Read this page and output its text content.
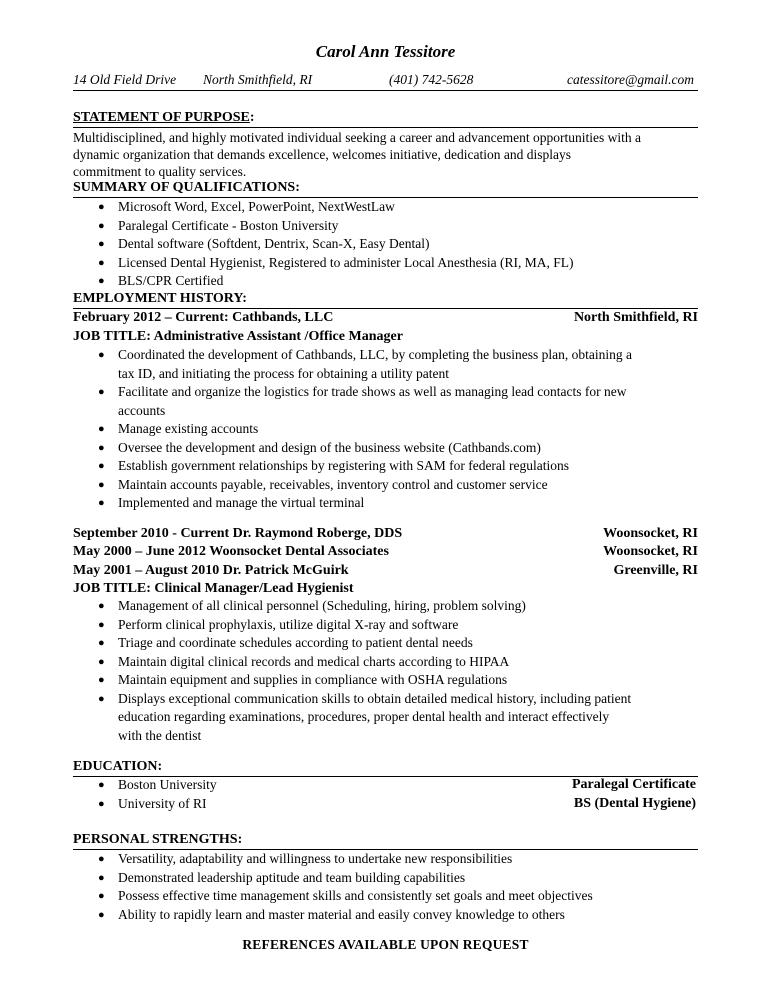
Carol Ann Tessitore
14 Old Field Drive North Smithfield, RI	(401) 742-5628	catessitore@gmail.com
STATEMENT OF PURPOSE:
Multidisciplined, and highly motivated individual seeking a career and advancement opportunities with a
dynamic organization that demands excellence, welcomes initiative, dedication and displays
commitment to quality services.
SUMMARY OF QUALIFICATIONS:
● Microsoft Word, Excel, PowerPoint, NextWestLaw
● Paralegal Certificate - Boston University
● Dental software (Softdent, Dentrix, Scan-X, Easy Dental)
● Licensed Dental Hygienist, Registered to administer Local Anesthesia (RI, MA, FL)
● BLS/CPR Certified
EMPLOYMENT HISTORY:
February 2012 – Current: Cathbands, LLC	North Smithfield, RI
JOB TITLE: Administrative Assistant /Office Manager
● Coordinated the development of Cathbands, LLC, by completing the business plan, obtaining a
tax ID, and initiating the process for obtaining a utility patent
● Facilitate and organize the logistics for trade shows as well as managing lead contacts for new
accounts
● Manage existing accounts
● Oversee the development and design of the business website (Cathbands.com)
● Establish government relationships by registering with SAM for federal regulations
● Maintain accounts payable, receivables, inventory control and customer service
● Implemented and manage the virtual terminal
September 2010 - Current Dr. Raymond Roberge, DDS	Woonsocket, RI
May 2000 – June 2012 Woonsocket Dental Associates	Woonsocket, RI
May 2001 – August 2010 Dr. Patrick McGuirk	Greenville, RI
JOB TITLE: Clinical Manager/Lead Hygienist
● Management of all clinical personnel (Scheduling, hiring, problem solving)
● Perform clinical prophylaxis, utilize digital X-ray and software
● Triage and coordinate schedules according to patient dental needs
● Maintain digital clinical records and medical charts according to HIPAA
● Maintain equipment and supplies in compliance with OSHA regulations
● Displays exceptional communication skills to obtain detailed medical history, including patient
education regarding examinations, procedures, proper dental health and interact effectively
with the dentist
EDUCATION:
● Boston University	Paralegal Certificate
● University of RI	BS (Dental Hygiene)
PERSONAL STRENGTHS:
● Versatility, adaptability and willingness to undertake new responsibilities
● Demonstrated leadership aptitude and team building capabilities
● Possess effective time management skills and consistently set goals and meet objectives
● Ability to rapidly learn and master material and easily convey knowledge to others
REFERENCES AVAILABLE UPON REQUEST
